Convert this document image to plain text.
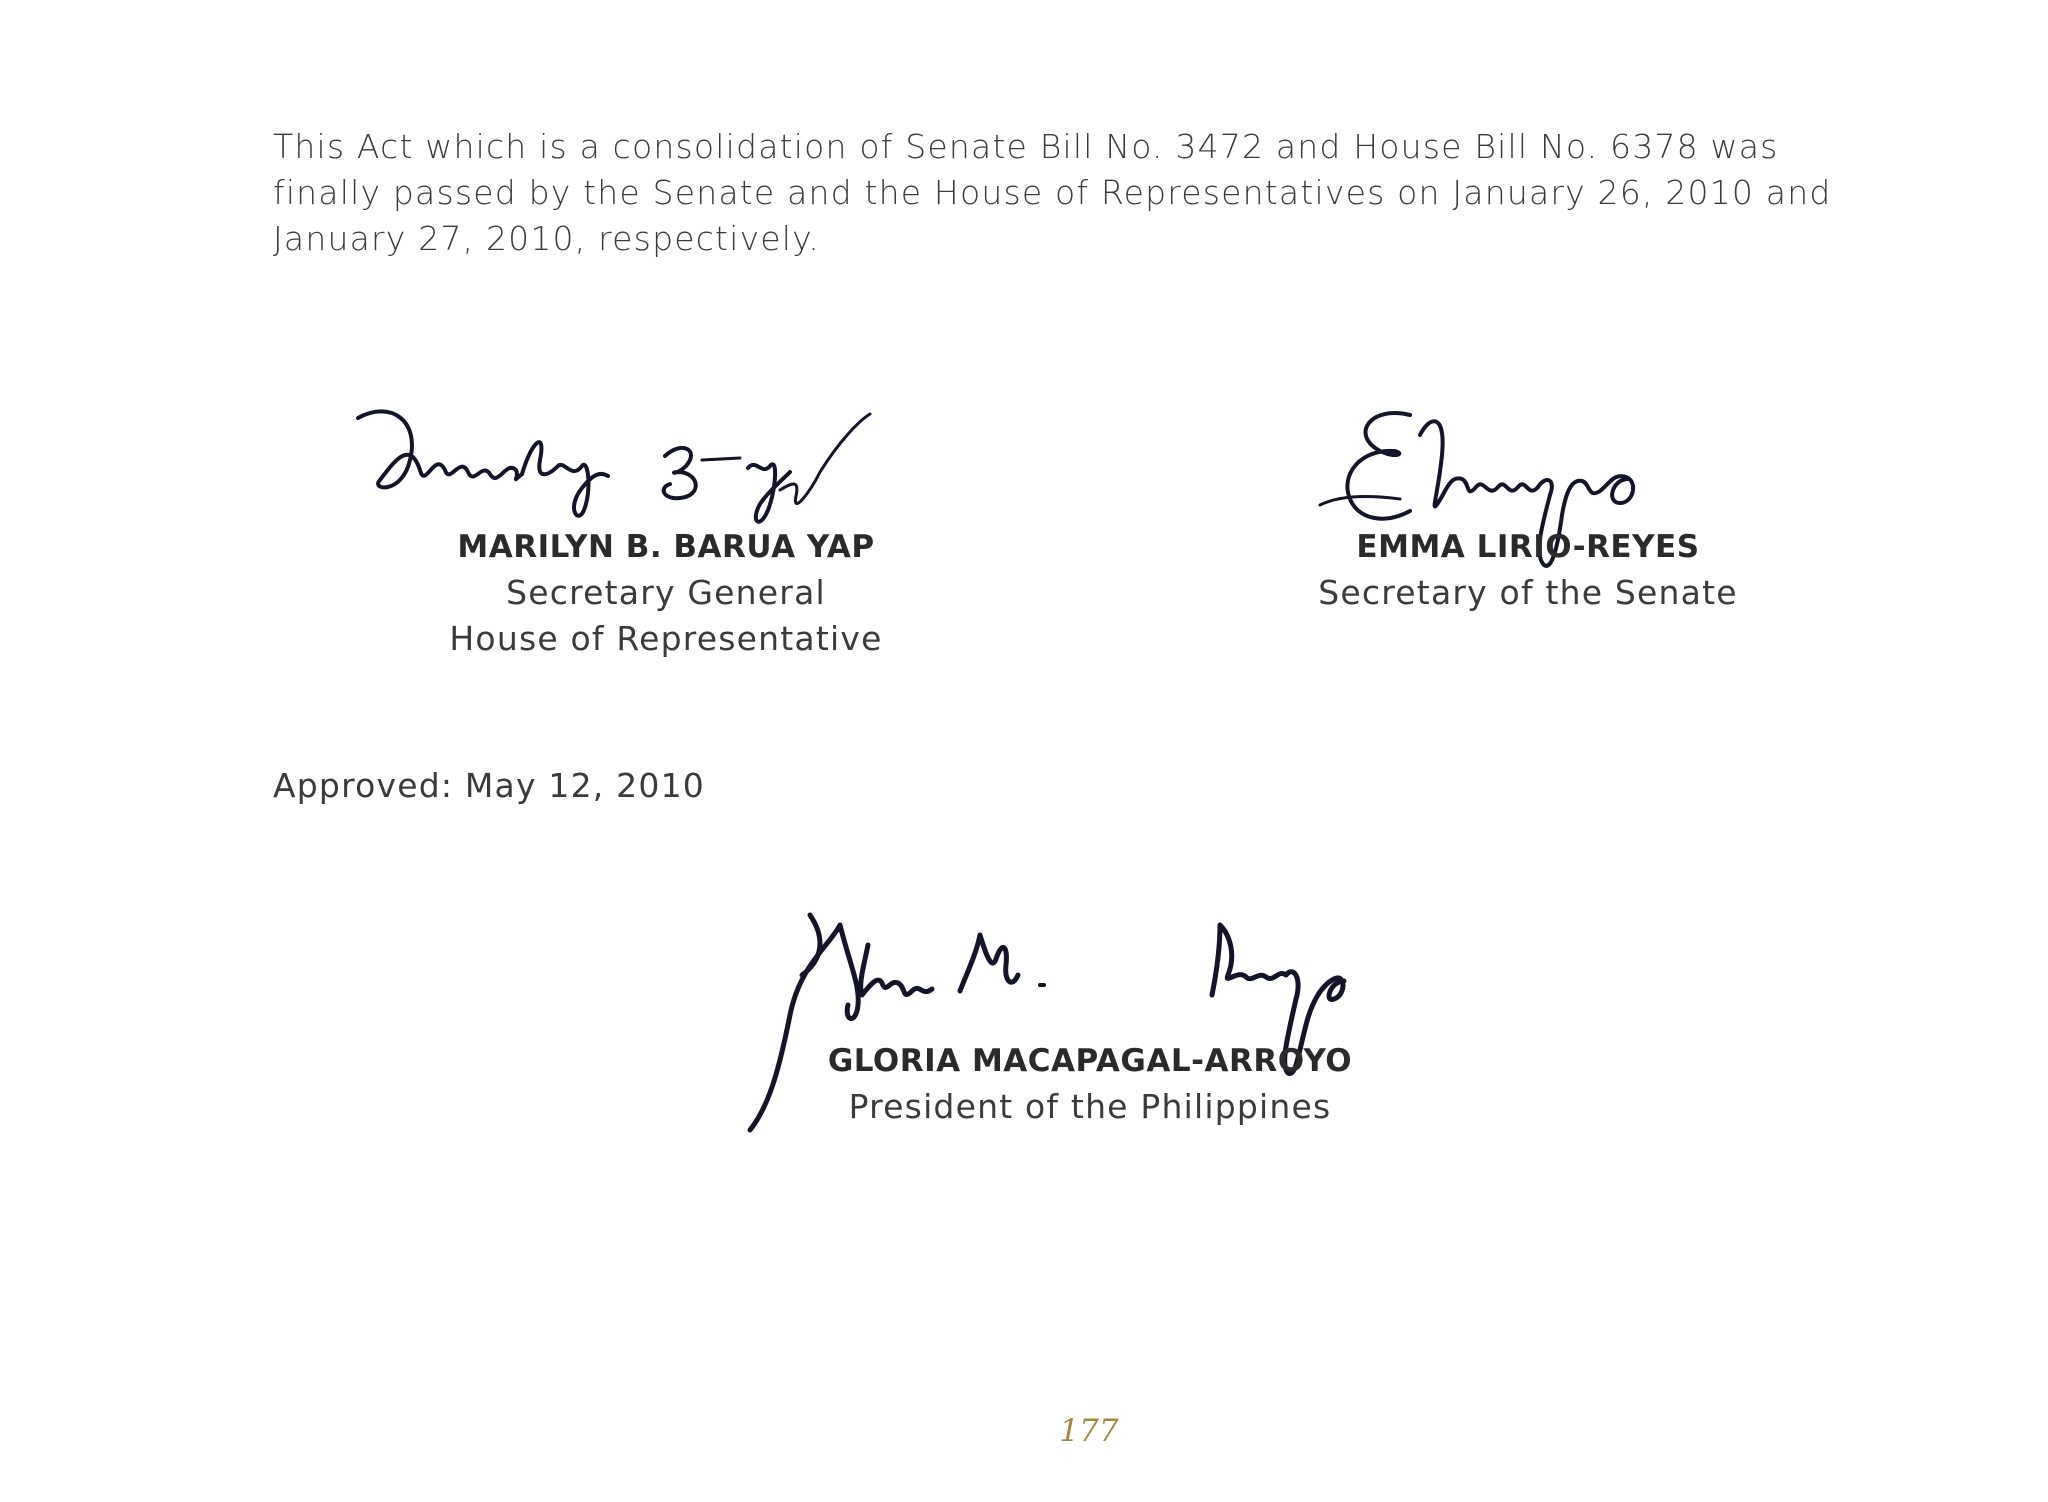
This Act which is a consolidation of Senate Bill No. 3472 and House Bill No. 6378 was finally passed by the Senate and the House of Representatives on January 26, 2010 and January 27, 2010, respectively.

MARILYN B. BARUA YAP
Secretary General
House of Representative
EMMA LIRIO-REYES
Secretary of the Senate

Approved: May 12, 2010

GLORIA MACAPAGAL-ARROYO
President of the Philippines
177
